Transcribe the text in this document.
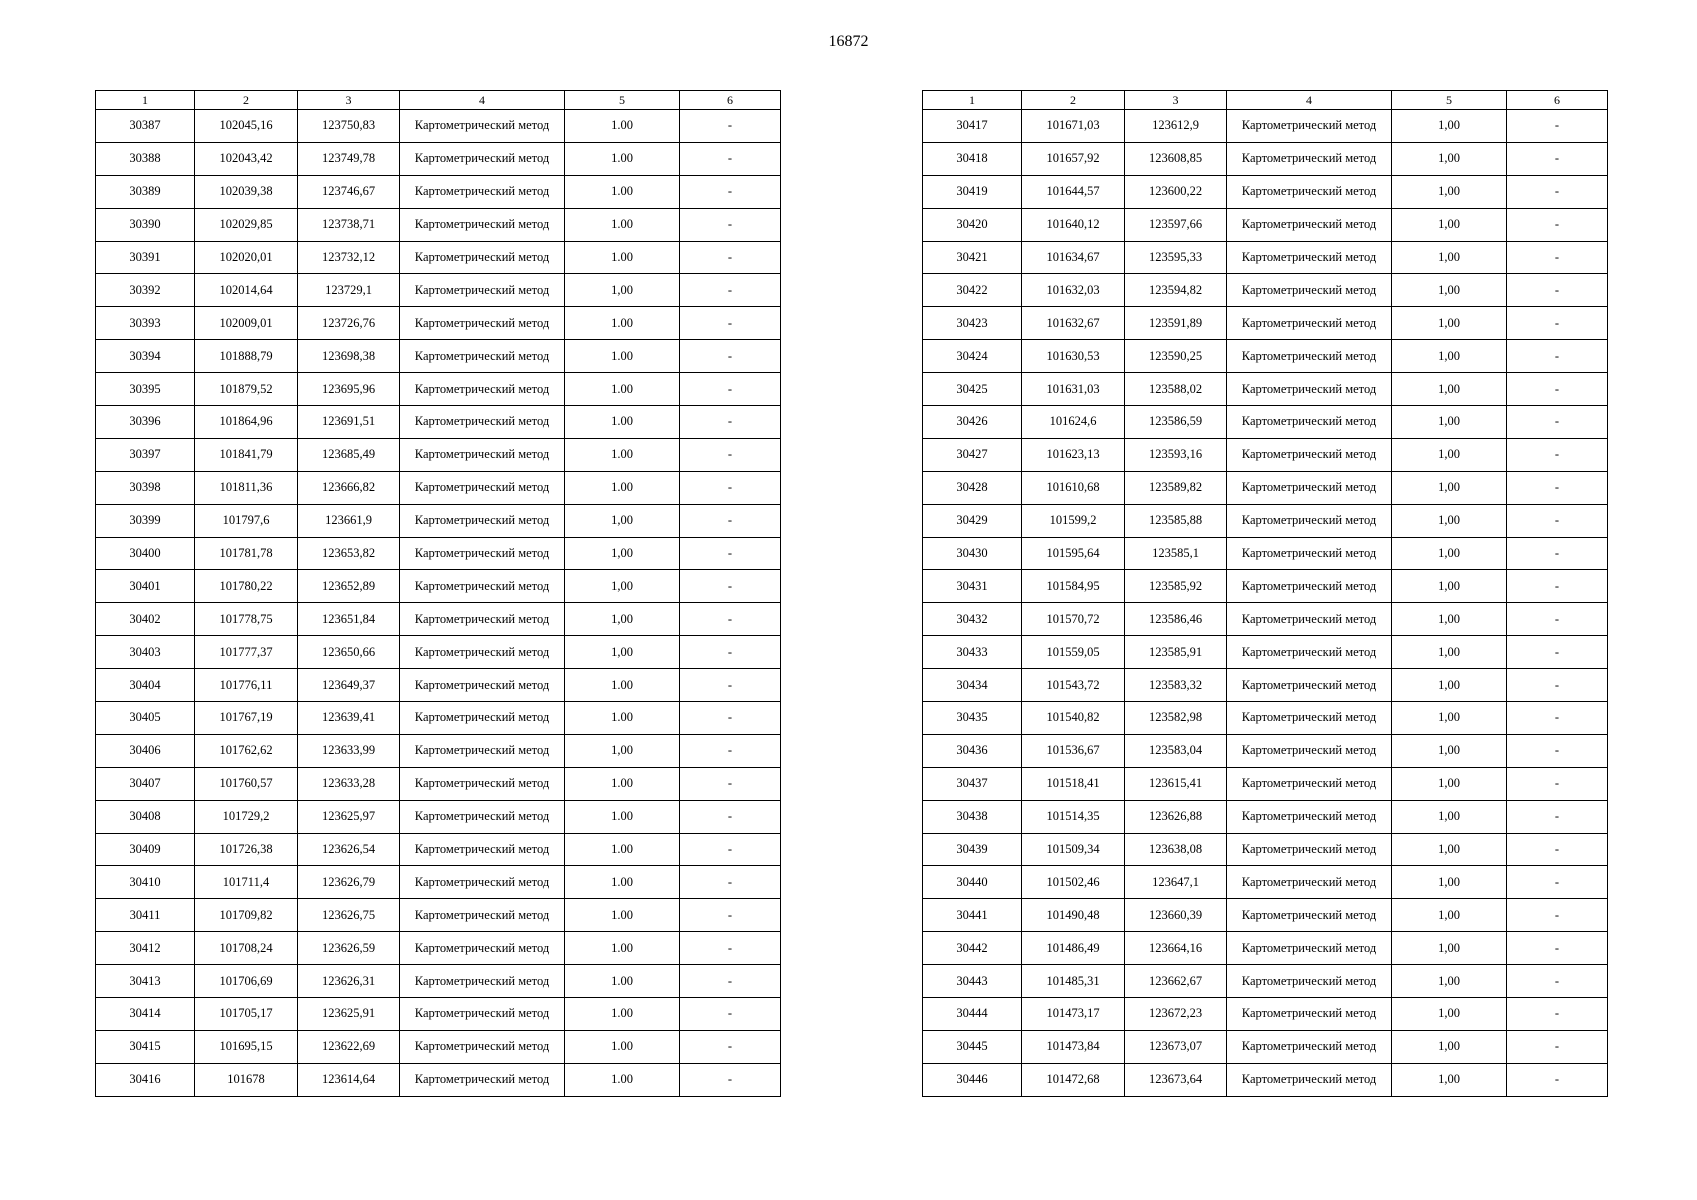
16872
1	2	3	4	5	6
30387	102045,16	123750,83	Картометрический метод	1.00	-
30388	102043,42	123749,78	Картометрический метод	1.00	-
30389	102039,38	123746,67	Картометрический метод	1.00	-
30390	102029,85	123738,71	Картометрический метод	1.00	-
30391	102020,01	123732,12	Картометрический метод	1.00	-
30392	102014,64	123729,1	Картометрический метод	1,00	-
30393	102009,01	123726,76	Картометрический метод	1.00	-
30394	101888,79	123698,38	Картометрический метод	1.00	-
30395	101879,52	123695,96	Картометрический метод	1.00	-
30396	101864,96	123691,51	Картометрический метод	1.00	-
30397	101841,79	123685,49	Картометрический метод	1.00	-
30398	101811,36	123666,82	Картометрический метод	1.00	-
30399	101797,6	123661,9	Картометрический метод	1,00	-
30400	101781,78	123653,82	Картометрический метод	1,00	-
30401	101780,22	123652,89	Картометрический метод	1,00	-
30402	101778,75	123651,84	Картометрический метод	1,00	-
30403	101777,37	123650,66	Картометрический метод	1,00	-
30404	101776,11	123649,37	Картометрический метод	1.00	-
30405	101767,19	123639,41	Картометрический метод	1.00	-
30406	101762,62	123633,99	Картометрический метод	1,00	-
30407	101760,57	123633,28	Картометрический метод	1.00	-
30408	101729,2	123625,97	Картометрический метод	1.00	-
30409	101726,38	123626,54	Картометрический метод	1.00	-
30410	101711,4	123626,79	Картометрический метод	1.00	-
30411	101709,82	123626,75	Картометрический метод	1.00	-
30412	101708,24	123626,59	Картометрический метод	1.00	-
30413	101706,69	123626,31	Картометрический метод	1.00	-
30414	101705,17	123625,91	Картометрический метод	1.00	-
30415	101695,15	123622,69	Картометрический метод	1.00	-
30416	101678	123614,64	Картометрический метод	1.00	-
1	2	3	4	5	6
30417	101671,03	123612,9	Картометрический метод	1,00	-
30418	101657,92	123608,85	Картометрический метод	1,00	-
30419	101644,57	123600,22	Картометрический метод	1,00	-
30420	101640,12	123597,66	Картометрический метод	1,00	-
30421	101634,67	123595,33	Картометрический метод	1,00	-
30422	101632,03	123594,82	Картометрический метод	1,00	-
30423	101632,67	123591,89	Картометрический метод	1,00	-
30424	101630,53	123590,25	Картометрический метод	1,00	-
30425	101631,03	123588,02	Картометрический метод	1,00	-
30426	101624,6	123586,59	Картометрический метод	1,00	-
30427	101623,13	123593,16	Картометрический метод	1,00	-
30428	101610,68	123589,82	Картометрический метод	1,00	-
30429	101599,2	123585,88	Картометрический метод	1,00	-
30430	101595,64	123585,1	Картометрический метод	1,00	-
30431	101584,95	123585,92	Картометрический метод	1,00	-
30432	101570,72	123586,46	Картометрический метод	1,00	-
30433	101559,05	123585,91	Картометрический метод	1,00	-
30434	101543,72	123583,32	Картометрический метод	1,00	-
30435	101540,82	123582,98	Картометрический метод	1,00	-
30436	101536,67	123583,04	Картометрический метод	1,00	-
30437	101518,41	123615,41	Картометрический метод	1,00	-
30438	101514,35	123626,88	Картометрический метод	1,00	-
30439	101509,34	123638,08	Картометрический метод	1,00	-
30440	101502,46	123647,1	Картометрический метод	1,00	-
30441	101490,48	123660,39	Картометрический метод	1,00	-
30442	101486,49	123664,16	Картометрический метод	1,00	-
30443	101485,31	123662,67	Картометрический метод	1,00	-
30444	101473,17	123672,23	Картометрический метод	1,00	-
30445	101473,84	123673,07	Картометрический метод	1,00	-
30446	101472,68	123673,64	Картометрический метод	1,00	-
